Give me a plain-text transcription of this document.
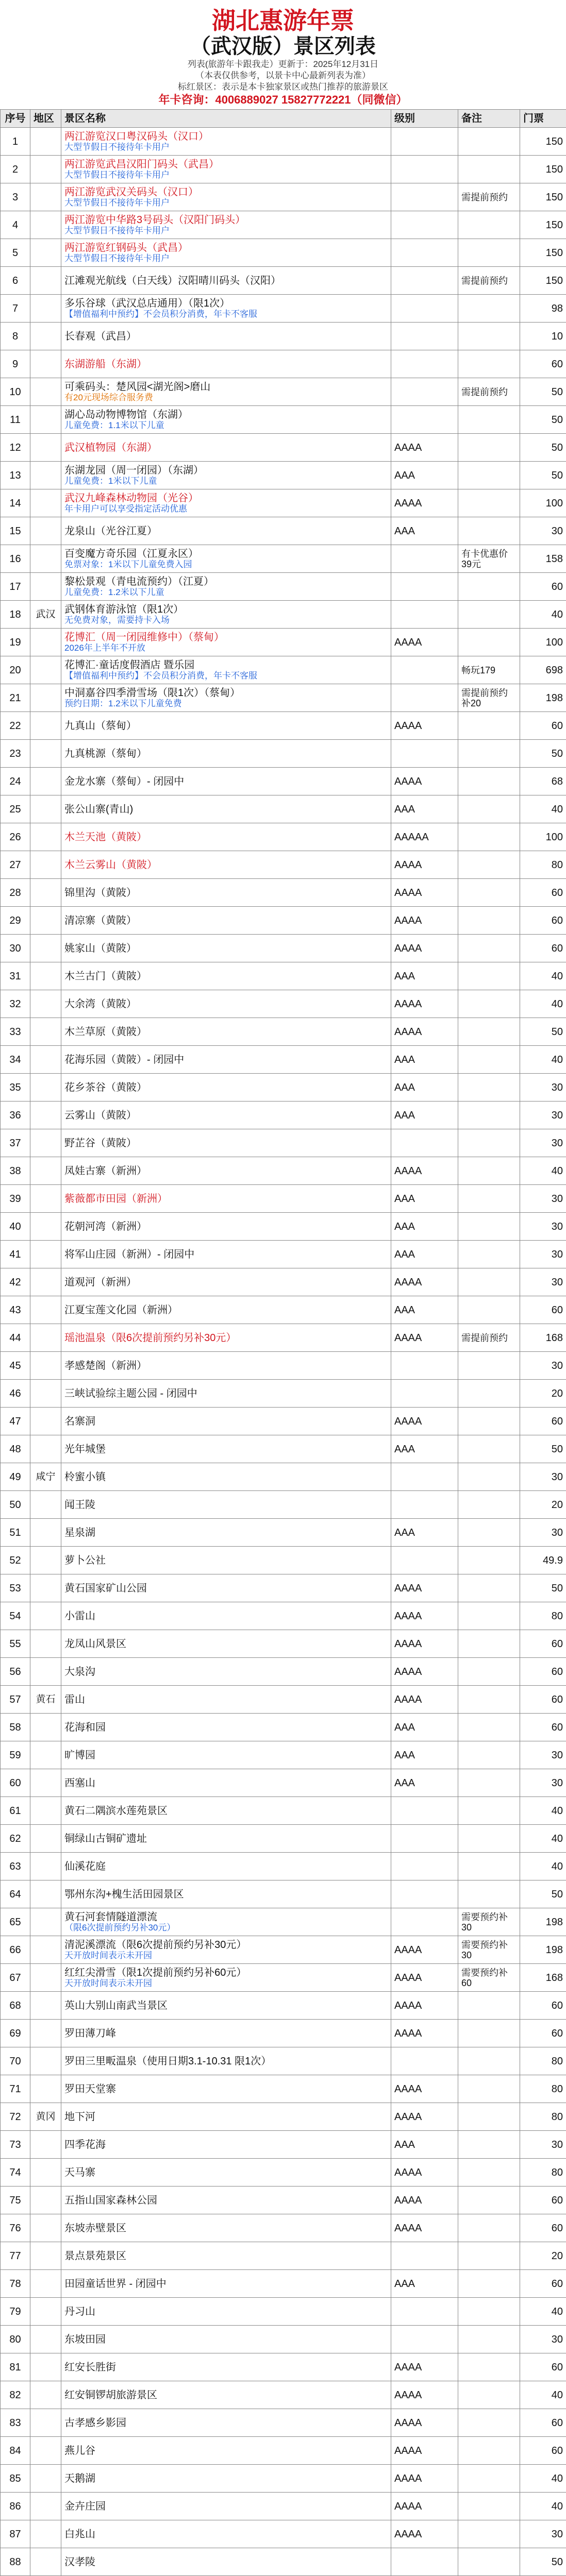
湖北惠游年票
（武汉版）景区列表
列表(旅游年卡跟我走）更新于：2025年12月31日
（本表仅供参考，以景卡中心最新列表为准）
标红景区：表示是本卡独家景区或热门推荐的旅游景区
年卡咨询：4006889027 15827772221（同微信）
序号	地区	景区名称	级别	备注	门票
1		两江游览汉口粤汉码头（汉口）
大型节假日不接待年卡用户			150
2		两江游览武昌汉阳门码头（武昌）
大型节假日不接待年卡用户			150
3		两江游览武汉关码头（汉口）
大型节假日不接待年卡用户		需提前预约	150
4		两江游览中华路3号码头（汉阳门码头）
大型节假日不接待年卡用户			150
5		两江游览红钢码头（武昌）
大型节假日不接待年卡用户			150
6		江滩观光航线（白天线）汉阳晴川码头（汉阳）		需提前预约	150
7		多乐谷球（武汉总店通用）（限1次）
【增值福利中预约】不会员积分消费，年卡不客服			98
8		长春观（武昌）			10
9		东湖游船（东湖）			60
10		可乘码头：楚风园<湖光阁>磨山
有20元现场综合服务费		需提前预约	50
11		湖心岛动物博物馆（东湖）
儿童免费：1.1米以下儿童			50
12		武汉植物园（东湖）	AAAA		50
13		东湖龙园（周一闭园）（东湖）
儿童免费：1米以下儿童	AAA		50
14		武汉九峰森林动物园（光谷）
年卡用户可以享受指定活动优惠	AAAA		100
15		龙泉山（光谷江夏）	AAA		30
16		百变魔方奇乐园（江夏永区）
免票对象：1米以下儿童免费入园		有卡优惠价39元	158
17		黎松景观（青电流预约）（江夏）
儿童免费：1.2米以下儿童			60
18	武汉	武钢体育游泳馆（限1次）
无免费对象，需要持卡入场			40
19		花博汇（周一闭园维修中）（蔡甸）
2026年上半年不开放	AAAA		100
20		花博汇·童话度假酒店 暨乐园
【增值福利中预约】不会员积分消费，年卡不客服		畅玩179	698
21		中洞嘉谷四季滑雪场（限1次）（蔡甸）
预约日期：1.2米以下儿童免费		需提前预约补20	198
22		九真山（蔡甸）	AAAA		60
23		九真桃源（蔡甸）			50
24		金龙水寨（蔡甸）- 闭园中	AAAA		68
25		张公山寨(青山)	AAA		40
26		木兰天池（黄陂）	AAAAA		100
27		木兰云雾山（黄陂）	AAAA		80
28		锦里沟（黄陂）	AAAA		60
29		清凉寨（黄陂）	AAAA		60
30		姚家山（黄陂）	AAAA		60
31		木兰古门（黄陂）	AAA		40
32		大余湾（黄陂）	AAAA		40
33		木兰草原（黄陂）	AAAA		50
34		花海乐园（黄陂）- 闭园中	AAA		40
35		花乡茶谷（黄陂）	AAA		30
36		云雾山（黄陂）	AAA		30
37		野芷谷（黄陂）			30
38		凤娃古寨（新洲）	AAAA		40
39		紫薇都市田园（新洲）	AAA		30
40		花朝河湾（新洲）	AAA		30
41		将军山庄园（新洲）- 闭园中	AAA		30
42		道观河（新洲）	AAAA		30
43		江夏宝莲文化园（新洲）	AAA		60
44		瑶池温泉（限6次提前预约另补30元）	AAAA	需提前预约	168
45		孝感楚阁（新洲）			30
46		三峡试验综主题公园 - 闭园中			20
47		名寨洞	AAAA		60
48		光年城堡	AAA		50
49	咸宁	柃蜜小镇			30
50		闻王陵			20
51		星泉湖	AAA		30
52		萝卜公社			49.9
53		黄石国家矿山公园	AAAA		50
54		小雷山	AAAA		80
55		龙凤山风景区	AAAA		60
56		大泉沟	AAAA		60
57	黄石	雷山	AAAA		60
58		花海和园	AAA		60
59		旷博园	AAA		30
60		西塞山	AAA		30
61		黄石二隅滨水莲苑景区			40
62		铜绿山古铜矿遗址			40
63		仙溪花庭			40
64		鄂州东沟+槐生活田园景区			50
65		黄石河套情隧道漂流
（限6次提前预约另补30元）		需要预约补30	198
66		清泥溪漂流（限6次提前预约另补30元）
天开放时间表示未开园	AAAA	需要预约补30	198
67		红红尖滑雪（限1次提前预约另补60元）
天开放时间表示未开园	AAAA	需要预约补60	168
68		英山大别山南武当景区	AAAA		60
69		罗田薄刀峰	AAAA		60
70		罗田三里畈温泉（使用日期3.1-10.31 限1次）			80
71		罗田天堂寨	AAAA		80
72	黄冈	地下河	AAAA		80
73		四季花海	AAA		30
74		天马寨	AAAA		80
75		五指山国家森林公园	AAAA		60
76		东坡赤壁景区	AAAA		60
77		景点景苑景区			20
78		田园童话世界 - 闭园中	AAA		60
79		丹习山			40
80		东坡田园			30
81		红安长胜街	AAAA		60
82		红安铜锣胡旅游景区	AAAA		40
83		古孝感乡影园	AAAA		60
84		燕儿谷	AAAA		60
85		天鹅湖	AAAA		40
86		金卉庄园	AAAA		40
87		白兆山	AAAA		30
88		汉孝陵			50
